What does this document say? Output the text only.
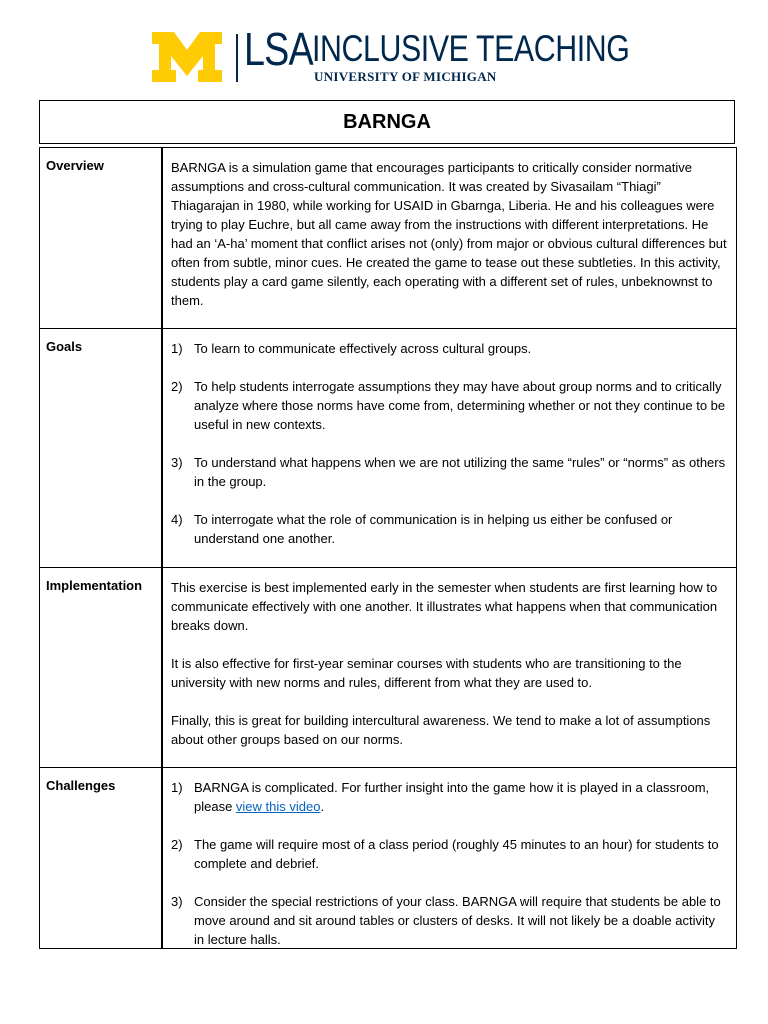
LSA INCLUSIVE TEACHING
UNIVERSITY OF MICHIGAN
BARNGA
Overview	BARNGA is a simulation game that encourages participants to critically consider normative assumptions and cross-cultural communication. It was created by Sivasailam “Thiagi” Thiagarajan in 1980, while working for USAID in Gbarnga, Liberia. He and his colleagues were trying to play Euchre, but all came away from the instructions with different interpretations. He had an ‘A-ha’ moment that conflict arises not (only) from major or obvious cultural differences but often from subtle, minor cues. He created the game to tease out these subtleties. In this activity, students play a card game silently, each operating with a different set of rules, unbeknownst to them.

Goals	1) To learn to communicate effectively across cultural groups.
2) To help students interrogate assumptions they may have about group norms and to critically analyze where those norms have come from, determining whether or not they continue to be useful in new contexts.
3) To understand what happens when we are not utilizing the same “rules” or “norms” as others in the group.
4) To interrogate what the role of communication is in helping us either be confused or understand one another.
Implementation	This exercise is best implemented early in the semester when students are first learning how to communicate effectively with one another. It illustrates what happens when that communication breaks down.

It is also effective for first-year seminar courses with students who are transitioning to the university with new norms and rules, different from what they are used to.

Finally, this is great for building intercultural awareness. We tend to make a lot of assumptions about other groups based on our norms.

Challenges	1) BARNGA is complicated. For further insight into the game how it is played in a classroom, please view this video.
2) The game will require most of a class period (roughly 45 minutes to an hour) for students to complete and debrief.
3) Consider the special restrictions of your class. BARNGA will require that students be able to move around and sit around tables or clusters of desks. It will not likely be a doable activity in lecture halls.
